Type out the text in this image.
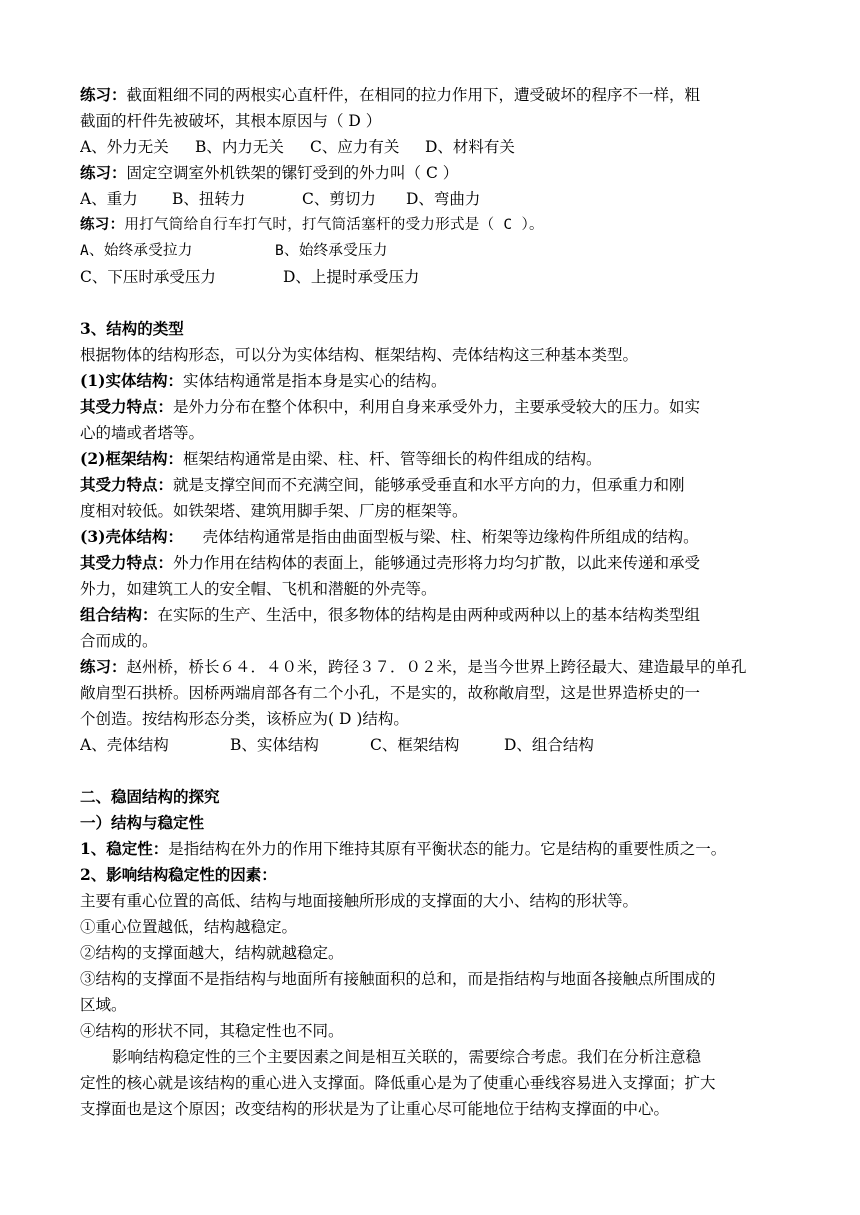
练习：截面粗细不同的两根实心直杆件，在相同的拉力作用下，遭受破坏的程序不一样，粗
截面的杆件先被破坏，其根本原因与（ D ）
A、外力无关 B、内力无关 C、应力有关 D、材料有关
练习：固定空调室外机铁架的镙钉受到的外力叫（ C ）
A、重力 B、扭转力	C、剪切力 D、弯曲力
练习：用打气筒给自行车打气时，打气筒活塞杆的受力形式是（ C ）。
A、始终承受拉力	B、始终承受压力
C、下压时承受压力	D、上提时承受压力
3、结构的类型
根据物体的结构形态，可以分为实体结构、框架结构、壳体结构这三种基本类型。
(1)实体结构：实体结构通常是指本身是实心的结构。
其受力特点：是外力分布在整个体积中，利用自身来承受外力，主要承受较大的压力。如实
心的墙或者塔等。
(2)框架结构：框架结构通常是由梁、柱、杆、管等细长的构件组成的结构。
其受力特点：就是支撑空间而不充满空间，能够承受垂直和水平方向的力，但承重力和刚
度相对较低。如铁架塔、建筑用脚手架、厂房的框架等。
(3)壳体结构：    壳体结构通常是指由曲面型板与梁、柱、桁架等边缘构件所组成的结构。
其受力特点：外力作用在结构体的表面上，能够通过壳形将力均匀扩散，以此来传递和承受
外力，如建筑工人的安全帽、飞机和潜艇的外壳等。
组合结构：在实际的生产、生活中，很多物体的结构是由两种或两种以上的基本结构类型组
合而成的。
练习：赵州桥，桥长６４．４０米，跨径３７．０２米，是当今世界上跨径最大、建造最早的单孔
敞肩型石拱桥。因桥两端肩部各有二个小孔，不是实的，故称敞肩型，这是世界造桥史的一
个创造。按结构形态分类，该桥应为( D )结构。
A、壳体结构	B、实体结构	C、框架结构	D、组合结构
二、稳固结构的探究
一）结构与稳定性
1、稳定性：是指结构在外力的作用下维持其原有平衡状态的能力。它是结构的重要性质之一。
2、影响结构稳定性的因素：
主要有重心位置的高低、结构与地面接触所形成的支撑面的大小、结构的形状等。
①重心位置越低，结构越稳定。
②结构的支撑面越大，结构就越稳定。
③结构的支撑面不是指结构与地面所有接触面积的总和，而是指结构与地面各接触点所围成的
区域。
④结构的形状不同，其稳定性也不同。
影响结构稳定性的三个主要因素之间是相互关联的，需要综合考虑。我们在分析注意稳
定性的核心就是该结构的重心进入支撑面。降低重心是为了使重心垂线容易进入支撑面；扩大
支撑面也是这个原因；改变结构的形状是为了让重心尽可能地位于结构支撑面的中心。
